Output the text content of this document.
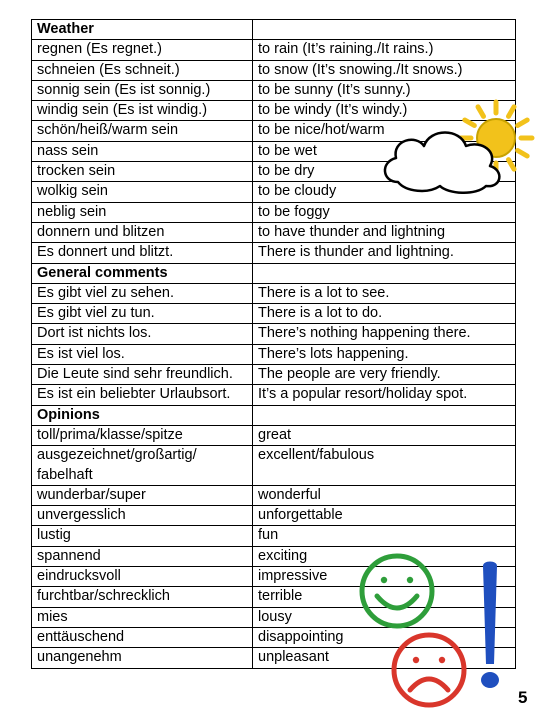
Weather	
regnen (Es regnet.)	to rain (It’s raining./It rains.)
schneien (Es schneit.)	to snow (It’s snowing./It snows.)
sonnig sein (Es ist sonnig.)	to be sunny (It’s sunny.)
windig sein (Es ist windig.)	to be windy (It’s windy.)
schön/heiß/warm sein	to be nice/hot/warm
nass sein	to be wet
trocken sein	to be dry
wolkig sein	to be cloudy
neblig sein	to be foggy
donnern und blitzen	to have thunder and lightning
Es donnert und blitzt.	There is thunder and lightning.
General comments	
Es gibt viel zu sehen.	There is a lot to see.
Es gibt viel zu tun.	There is a lot to do.
Dort ist nichts los.	There’s nothing happening there.
Es ist viel los.	There’s lots happening.
Die Leute sind sehr freundlich.	The people are very friendly.
Es ist ein beliebter Urlaubsort.	It’s a popular resort/holiday spot.
Opinions	
toll/prima/klasse/spitze	great
ausgezeichnet/großartig/ fabelhaft	excellent/fabulous
wunderbar/super	wonderful
unvergesslich	unforgettable
lustig	fun
spannend	exciting
eindrucksvoll	impressive
furchtbar/schrecklich	terrible
mies	lousy
enttäuschend	disappointing
unangenehm	unpleasant
5
